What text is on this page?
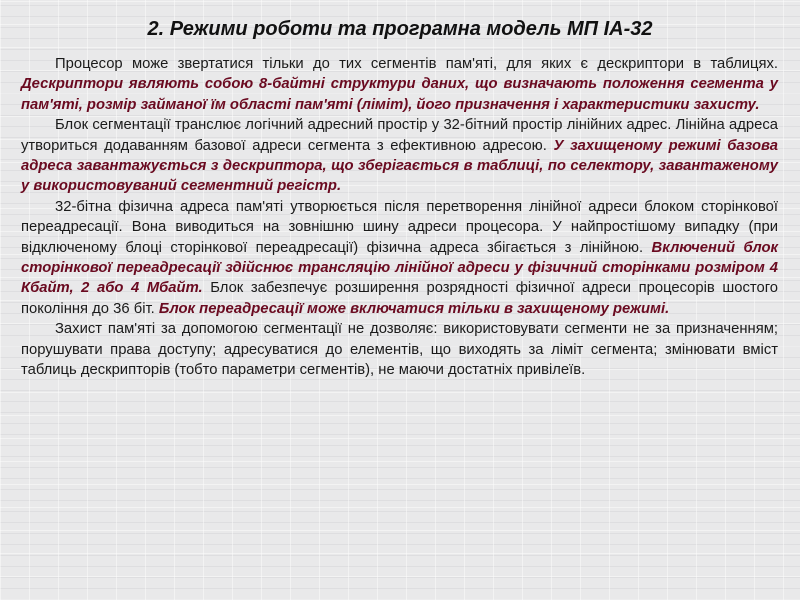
2. Режими роботи та програмна модель МП ІА-32

Процесор може звертатися тільки до тих сегментів пам'яті, для яких є дескриптори в таблицях. Дескриптори являють собою 8-байтні структури даних, що визначають положення сегмента у пам'яті, розмір займаної їм області пам'яті (ліміт), його призначення і характеристики захисту.

Блок сегментації транслює логічний адресний простір у 32-бітний простір лінійних адрес. Лінійна адреса утвориться додаванням базової адреси сегмента з ефективною адресою. У захищеному режимі базова адреса завантажується з дескриптора, що зберігається в таблиці, по селектору, завантаженому у використовуваний сегментний регістр.

32-бітна фізична адреса пам'яті утворюється після перетворення лінійної адреси блоком сторінкової переадресації. Вона виводиться на зовнішню шину адреси процесора. У найпростішому випадку (при відключеному блоці сторінкової переадресації) фізична адреса збігається з лінійною. Включений блок сторінкової переадресації здійснює трансляцію лінійної адреси у фізичний сторінками розміром 4 Кбайт, 2 або 4 Мбайт. Блок забезпечує розширення розрядності фізичної адреси процесорів шостого покоління до 36 біт. Блок переадресації може включатися тільки в захищеному режимі.

Захист пам'яті за допомогою сегментації не дозволяє: використовувати сегменти не за призначенням; порушувати права доступу; адресуватися до елементів, що виходять за ліміт сегмента; змінювати вміст таблиць дескрипторів (тобто параметри сегментів), не маючи достатніх привілеїв.
